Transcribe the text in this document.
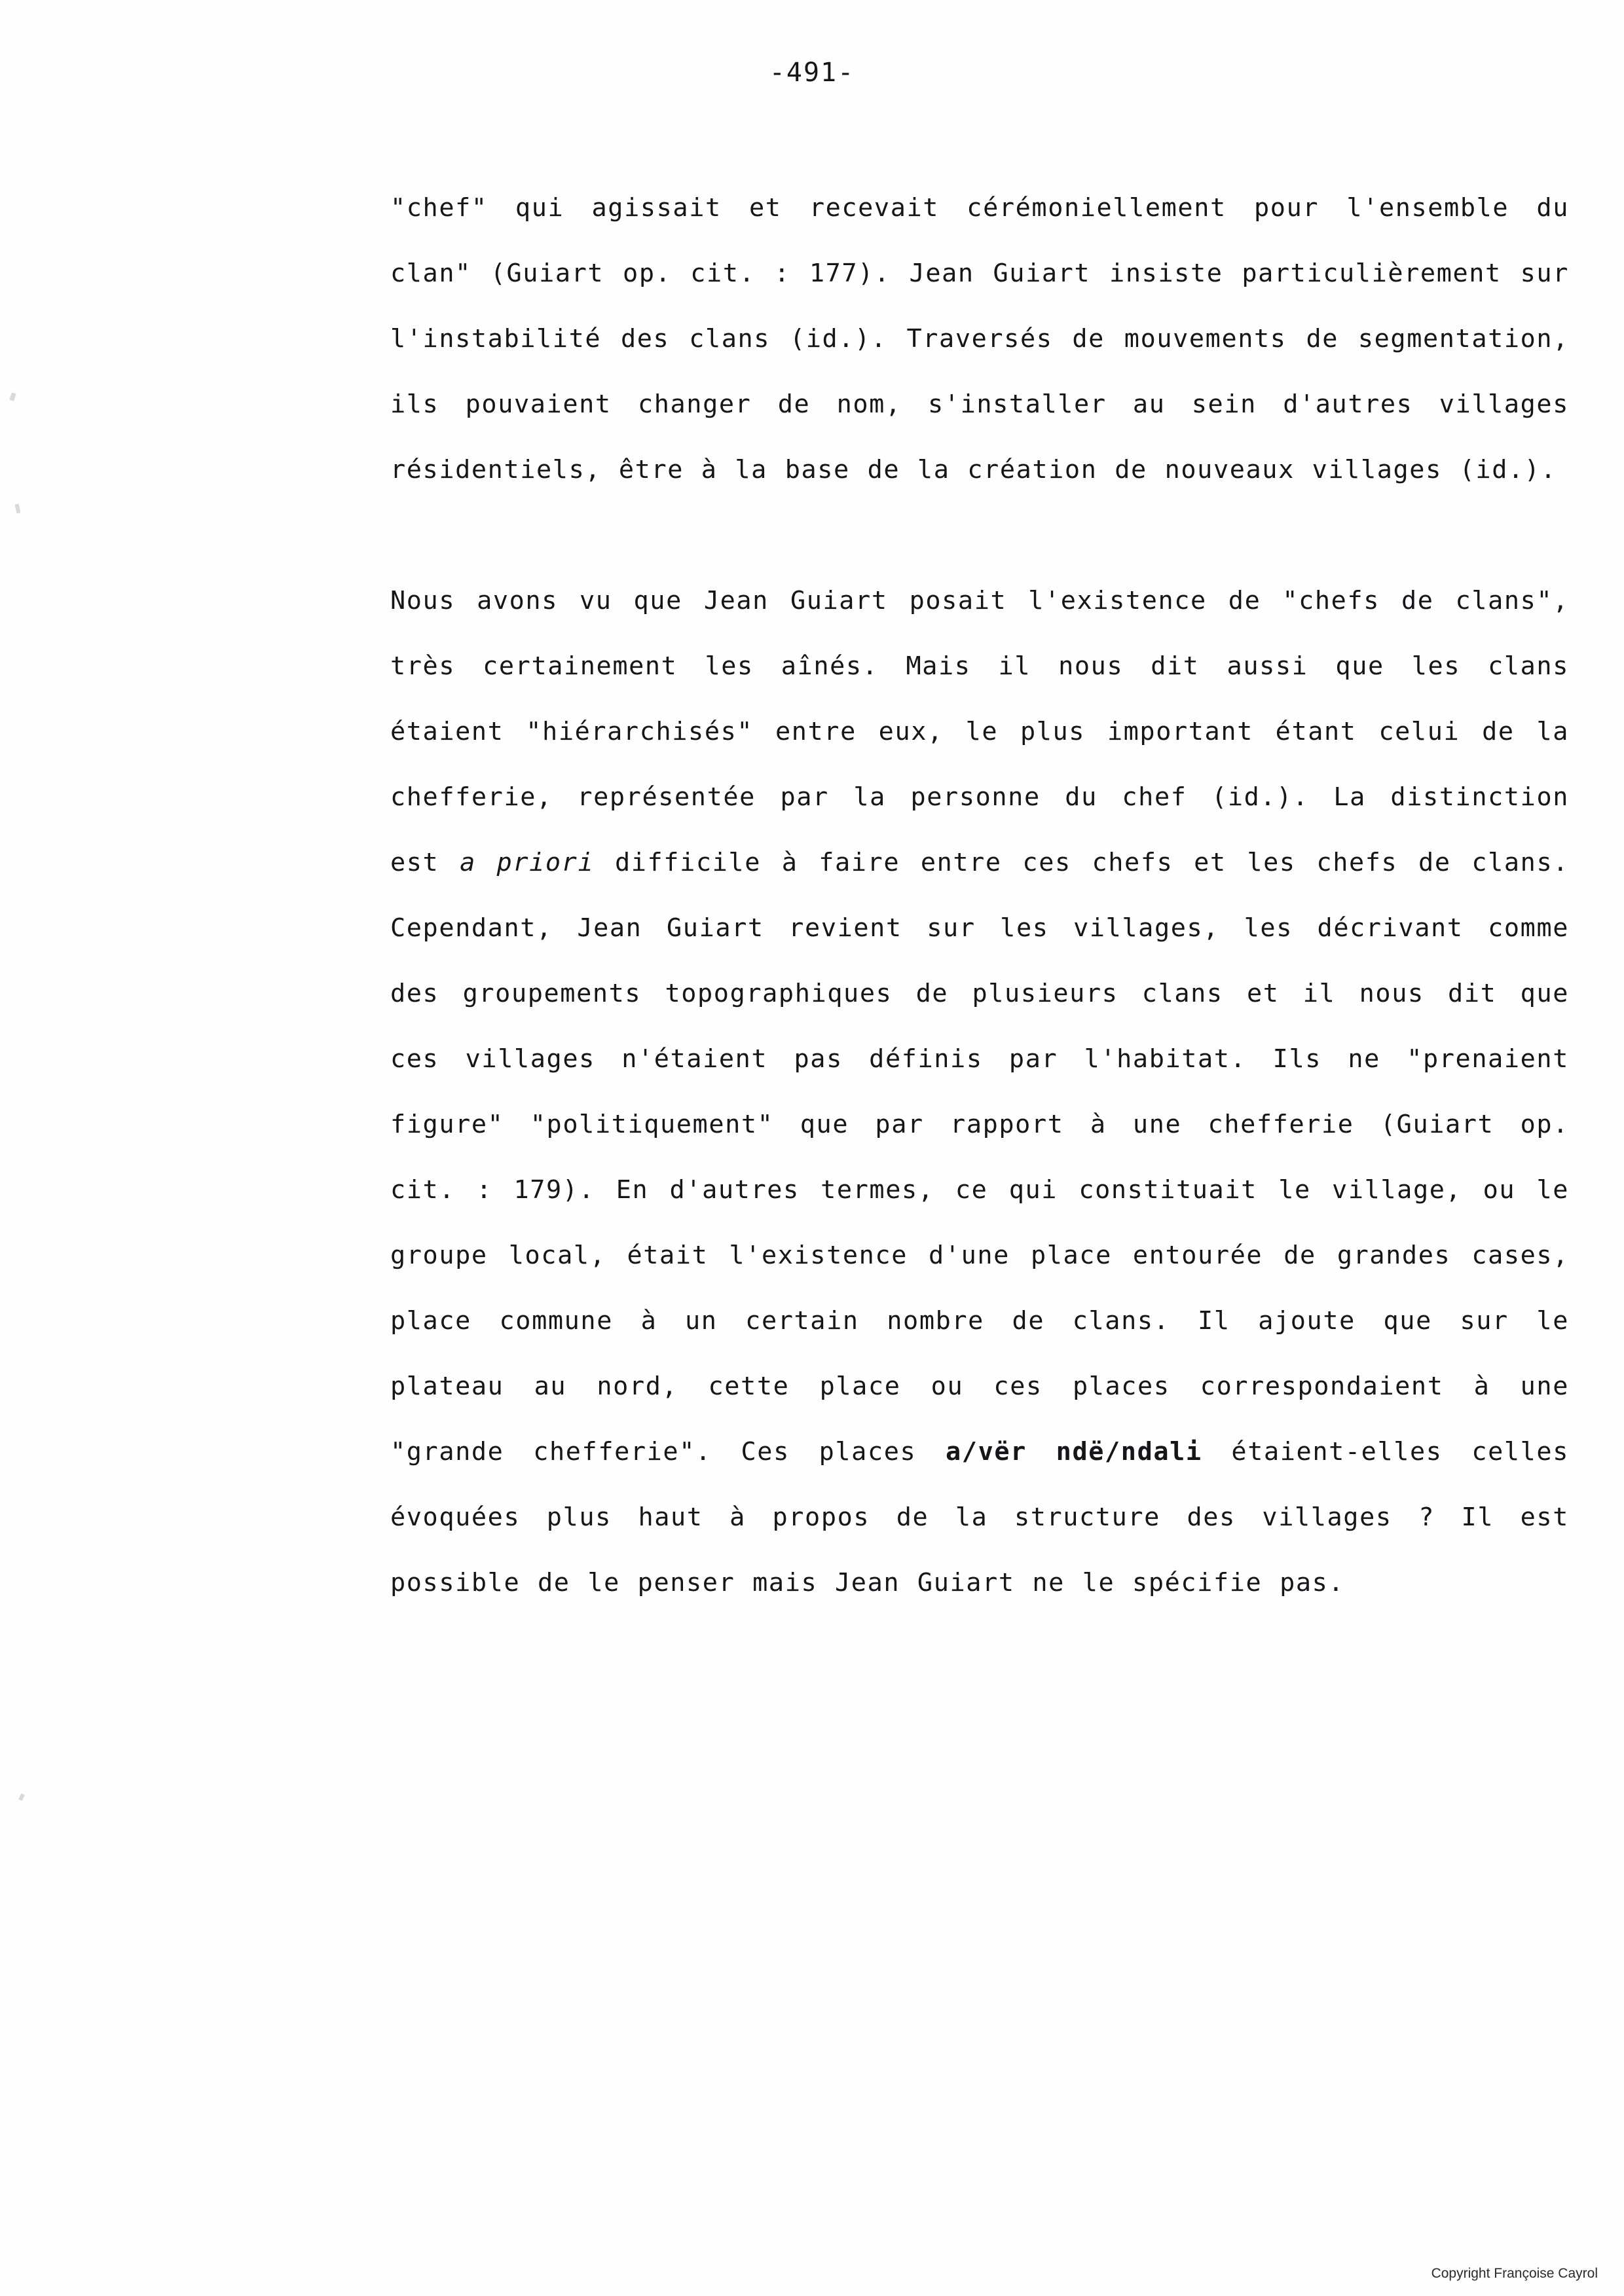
-491-

"chef" qui agissait et recevait cérémoniellement pour l'ensemble du clan" (Guiart op. cit. : 177). Jean Guiart insiste particulièrement sur l'instabilité des clans (id.). Traversés de mouvements de segmentation, ils pouvaient changer de nom, s'installer au sein d'autres villages résidentiels, être à la base de la création de nouveaux villages (id.).

Nous avons vu que Jean Guiart posait l'existence de "chefs de clans", très certainement les aînés. Mais il nous dit aussi que les clans étaient "hiérarchisés" entre eux, le plus important étant celui de la chefferie, représentée par la personne du chef (id.). La distinction est a priori difficile à faire entre ces chefs et les chefs de clans. Cependant, Jean Guiart revient sur les villages, les décrivant comme des groupements topographiques de plusieurs clans et il nous dit que ces villages n'étaient pas définis par l'habitat. Ils ne "prenaient figure" "politiquement" que par rapport à une chefferie (Guiart op. cit. : 179). En d'autres termes, ce qui constituait le village, ou le groupe local, était l'existence d'une place entourée de grandes cases, place commune à un certain nombre de clans. Il ajoute que sur le plateau au nord, cette place ou ces places correspondaient à une "grande chefferie". Ces places a/vër ndë/ndali étaient-elles celles évoquées plus haut à propos de la structure des villages ? Il est possible de le penser mais Jean Guiart ne le spécifie pas.

Copyright Françoise Cayrol
